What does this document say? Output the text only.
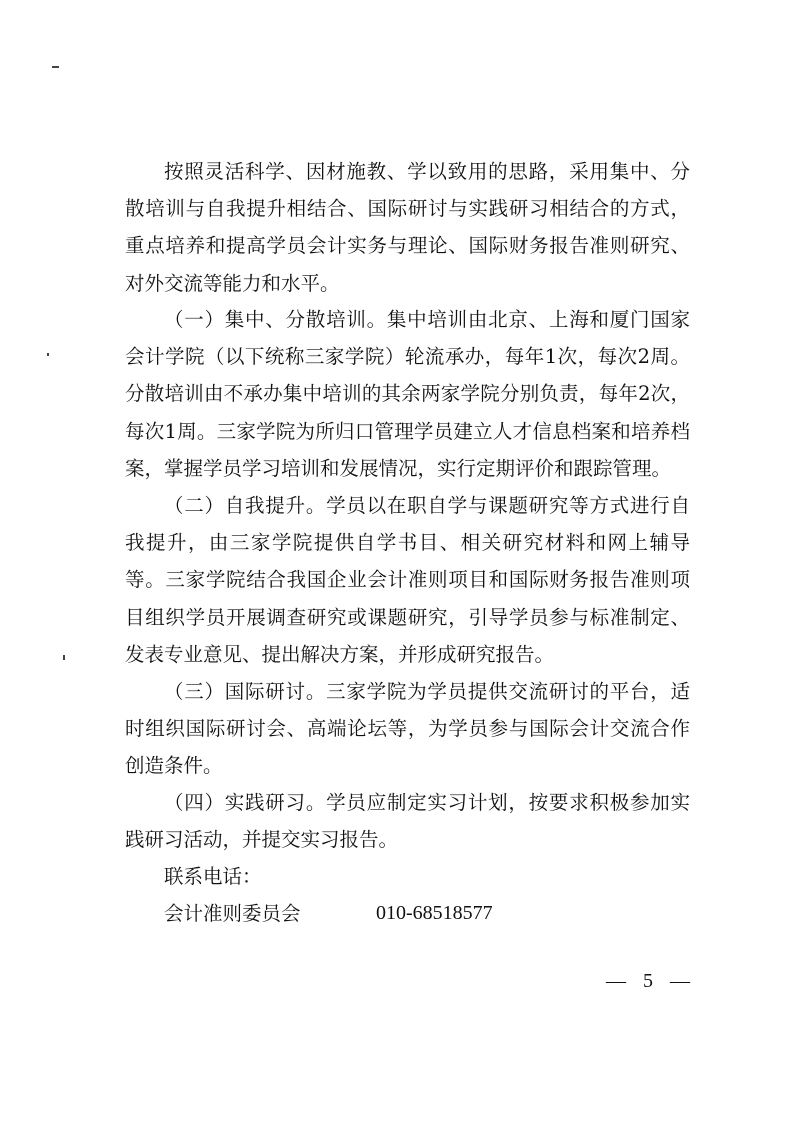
按照灵活科学、因材施教、学以致用的思路，采用集中、分散培训与自我提升相结合、国际研讨与实践研习相结合的方式，重点培养和提高学员会计实务与理论、国际财务报告准则研究、对外交流等能力和水平。

（一）集中、分散培训。集中培训由北京、上海和厦门国家会计学院（以下统称三家学院）轮流承办，每年1次，每次2周。分散培训由不承办集中培训的其余两家学院分别负责，每年2次，每次1周。三家学院为所归口管理学员建立人才信息档案和培养档案，掌握学员学习培训和发展情况，实行定期评价和跟踪管理。

（二）自我提升。学员以在职自学与课题研究等方式进行自我提升，由三家学院提供自学书目、相关研究材料和网上辅导等。三家学院结合我国企业会计准则项目和国际财务报告准则项目组织学员开展调查研究或课题研究，引导学员参与标准制定、发表专业意见、提出解决方案，并形成研究报告。

（三）国际研讨。三家学院为学员提供交流研讨的平台，适时组织国际研讨会、高端论坛等，为学员参与国际会计交流合作创造条件。

（四）实践研习。学员应制定实习计划，按要求积极参加实践研习活动，并提交实习报告。

联系电话：

会计准则委员会	010-68518577

— 5 —
